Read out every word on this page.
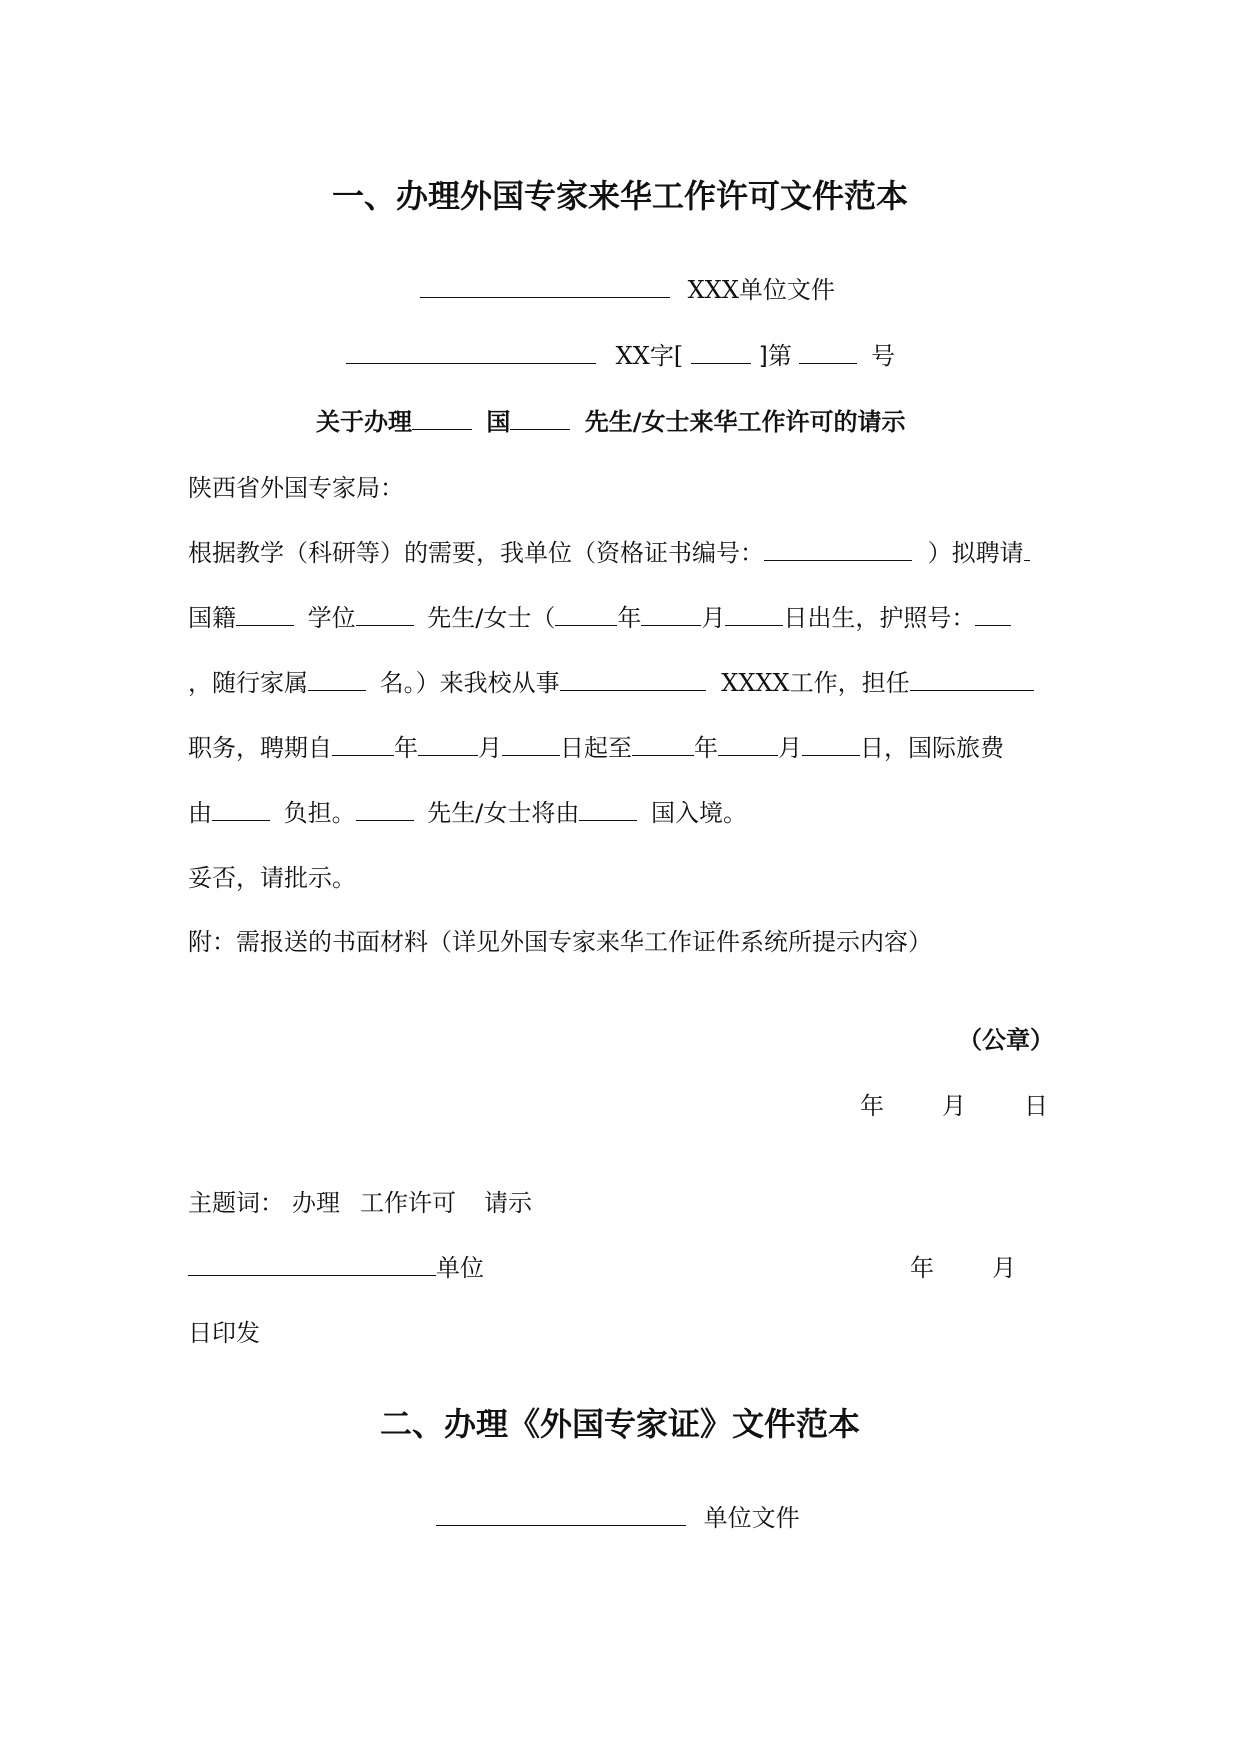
一、办理外国专家来华工作许可文件范本
XXX单位文件
XX字[	]第	号
关于办理	国	先生/女士来华工作许可的请示
陕西省外国专家局：
根据教学（科研等）的需要，我单位（资格证书编号：	）拟聘请
国籍	学位	先生/女士（	年	月 日出生，护照号：
，随行家属	名。）来我校从事	XXXX工作，担任
职务，聘期自	年	月 日起至	年	月 日，国际旅费
由	负担。	先生/女士将由	国入境。
妥否，请批示。
附：需报送的书面材料（详见外国专家来华工作证件系统所提示内容）
（公章）
年 月 日
主题词： 办理 工作许可 请示
单位	年 月
日印发
二、办理《外国专家证》文件范本
单位文件
